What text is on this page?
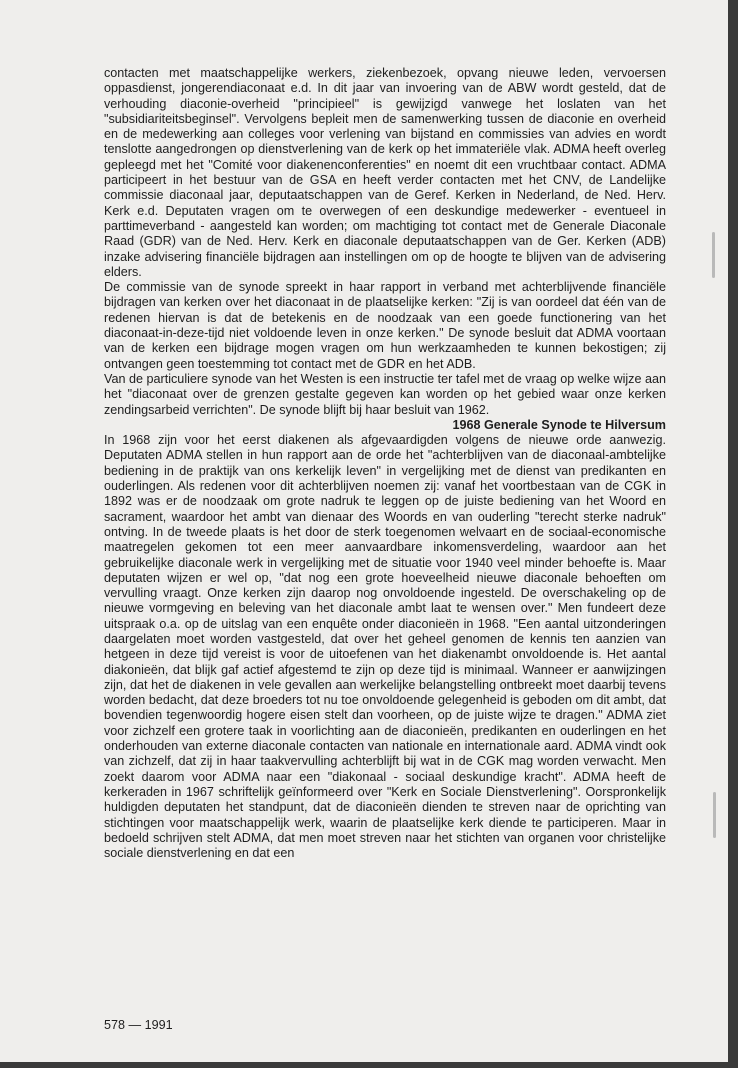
contacten met maatschappelijke werkers, ziekenbezoek, opvang nieuwe leden, vervoersen oppasdienst, jongerendiaconaat e.d. In dit jaar van invoering van de ABW wordt gesteld, dat de verhouding diaconie-overheid "principieel" is gewijzigd vanwege het loslaten van het "subsidiariteitsbeginsel". Vervolgens bepleit men de samenwerking tussen de diaconie en overheid en de medewerking aan colleges voor verlening van bijstand en commissies van advies en wordt tenslotte aangedrongen op dienstverlening van de kerk op het immateriële vlak. ADMA heeft overleg gepleegd met het "Comité voor diakenenconferenties" en noemt dit een vruchtbaar contact. ADMA participeert in het bestuur van de GSA en heeft verder contacten met het CNV, de Landelijke commissie diaconaal jaar, deputaatschappen van de Geref. Kerken in Nederland, de Ned. Herv. Kerk e.d. Deputaten vragen om te overwegen of een deskundige medewerker - eventueel in parttimeverband - aangesteld kan worden; om machtiging tot contact met de Generale Diaconale Raad (GDR) van de Ned. Herv. Kerk en diaconale deputaatschappen van de Ger. Kerken (ADB) inzake advisering financiële bijdragen aan instellingen om op de hoogte te blijven van de advisering elders.

De commissie van de synode spreekt in haar rapport in verband met achterblijvende financiële bijdragen van kerken over het diaconaat in de plaatselijke kerken: "Zij is van oordeel dat één van de redenen hiervan is dat de betekenis en de noodzaak van een goede functionering van het diaconaat-in-deze-tijd niet voldoende leven in onze kerken." De synode besluit dat ADMA voortaan van de kerken een bijdrage mogen vragen om hun werkzaamheden te kunnen bekostigen; zij ontvangen geen toestemming tot contact met de GDR en het ADB.

Van de particuliere synode van het Westen is een instructie ter tafel met de vraag op welke wijze aan het "diaconaat over de grenzen gestalte gegeven kan worden op het gebied waar onze kerken zendingsarbeid verrichten". De synode blijft bij haar besluit van 1962.

1968 Generale Synode te Hilversum

In 1968 zijn voor het eerst diakenen als afgevaardigden volgens de nieuwe orde aanwezig. Deputaten ADMA stellen in hun rapport aan de orde het "achterblijven van de diaconaal-ambtelijke bediening in de praktijk van ons kerkelijk leven" in vergelijking met de dienst van predikanten en ouderlingen. Als redenen voor dit achterblijven noemen zij: vanaf het voortbestaan van de CGK in 1892 was er de noodzaak om grote nadruk te leggen op de juiste bediening van het Woord en sacrament, waardoor het ambt van dienaar des Woords en van ouderling "terecht sterke nadruk" ontving. In de tweede plaats is het door de sterk toegenomen welvaart en de sociaal-economische maatregelen gekomen tot een meer aanvaardbare inkomensverdeling, waardoor aan het gebruikelijke diaconale werk in vergelijking met de situatie voor 1940 veel minder behoefte is. Maar deputaten wijzen er wel op, "dat nog een grote hoeveelheid nieuwe diaconale behoeften om vervulling vraagt. Onze kerken zijn daarop nog onvoldoende ingesteld. De overschakeling op de nieuwe vormgeving en beleving van het diaconale ambt laat te wensen over." Men fundeert deze uitspraak o.a. op de uitslag van een enquête onder diaconieën in 1968. "Een aantal uitzonderingen daargelaten moet worden vastgesteld, dat over het geheel genomen de kennis ten aanzien van hetgeen in deze tijd vereist is voor de uitoefenen van het diakenambt onvoldoende is. Het aantal diakonieën, dat blijk gaf actief afgestemd te zijn op deze tijd is minimaal. Wanneer er aanwijzingen zijn, dat het de diakenen in vele gevallen aan werkelijke belangstelling ontbreekt moet daarbij tevens worden bedacht, dat deze broeders tot nu toe onvoldoende gelegenheid is geboden om dit ambt, dat bovendien tegenwoordig hogere eisen stelt dan voorheen, op de juiste wijze te dragen." ADMA ziet voor zichzelf een grotere taak in voorlichting aan de diaconieën, predikanten en ouderlingen en het onderhouden van externe diaconale contacten van nationale en internationale aard. ADMA vindt ook van zichzelf, dat zij in haar taakvervulling achterblijft bij wat in de CGK mag worden verwacht. Men zoekt daarom voor ADMA naar een "diakonaal - sociaal deskundige kracht". ADMA heeft de kerkeraden in 1967 schriftelijk geïnformeerd over "Kerk en Sociale Dienstverlening". Oorspronkelijk huldigden deputaten het standpunt, dat de diaconieën dienden te streven naar de oprichting van stichtingen voor maatschappelijk werk, waarin de plaatselijke kerk diende te participeren. Maar in bedoeld schrijven stelt ADMA, dat men moet streven naar het stichten van organen voor christelijke sociale dienstverlening en dat een

578 — 1991
